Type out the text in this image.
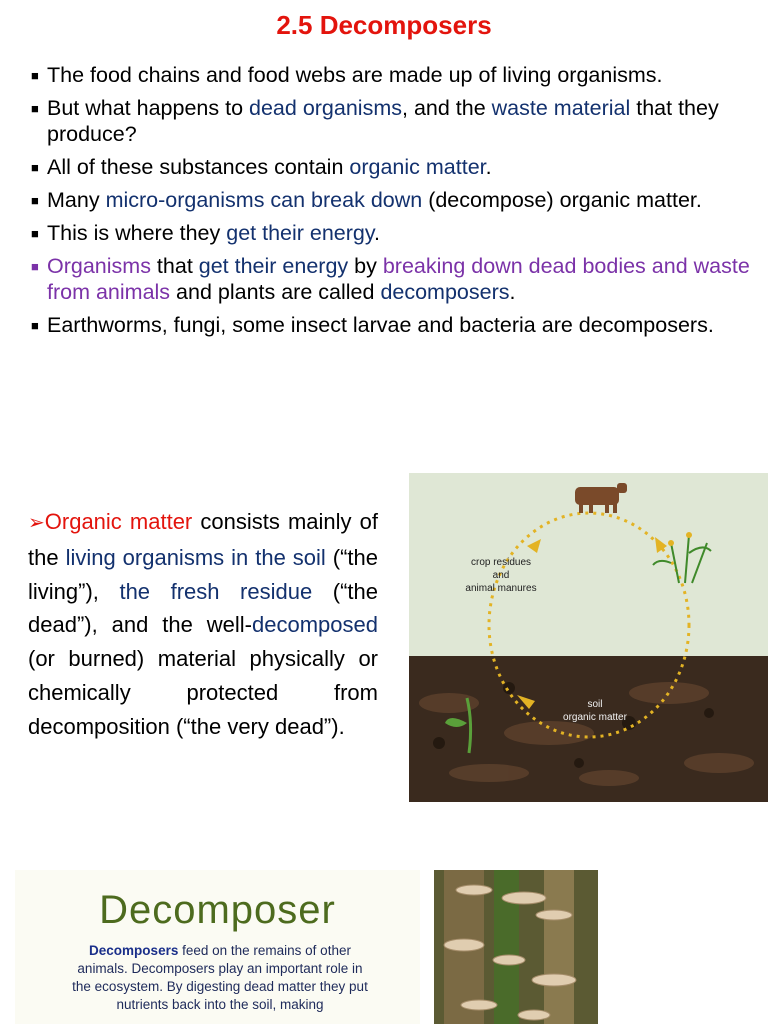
2.5 Decomposers
■ The food chains and food webs are made up of living organisms.
■ But what happens to dead organisms, and the waste material that they produce?
■ All of these substances contain organic matter.
■ Many micro-organisms can break down (decompose) organic matter.
■ This is where they get their energy.
■ Organisms that get their energy by breaking down dead bodies and waste from animals and plants are called decomposers.
■ Earthworms, fungi, some insect larvae and bacteria are decomposers.
➢Organic matter consists mainly of the living organisms in the soil (“the living”), the fresh residue (“the dead”), and the well-decomposed (or burned) material physically or chemically protected from decomposition (“the very dead”).
crop residues
and
animal manures
soil
organic matter
Decomposer
Decomposers feed on the remains of other animals. Decomposers play an important role in the ecosystem. By digesting dead matter they put nutrients back into the soil, making
